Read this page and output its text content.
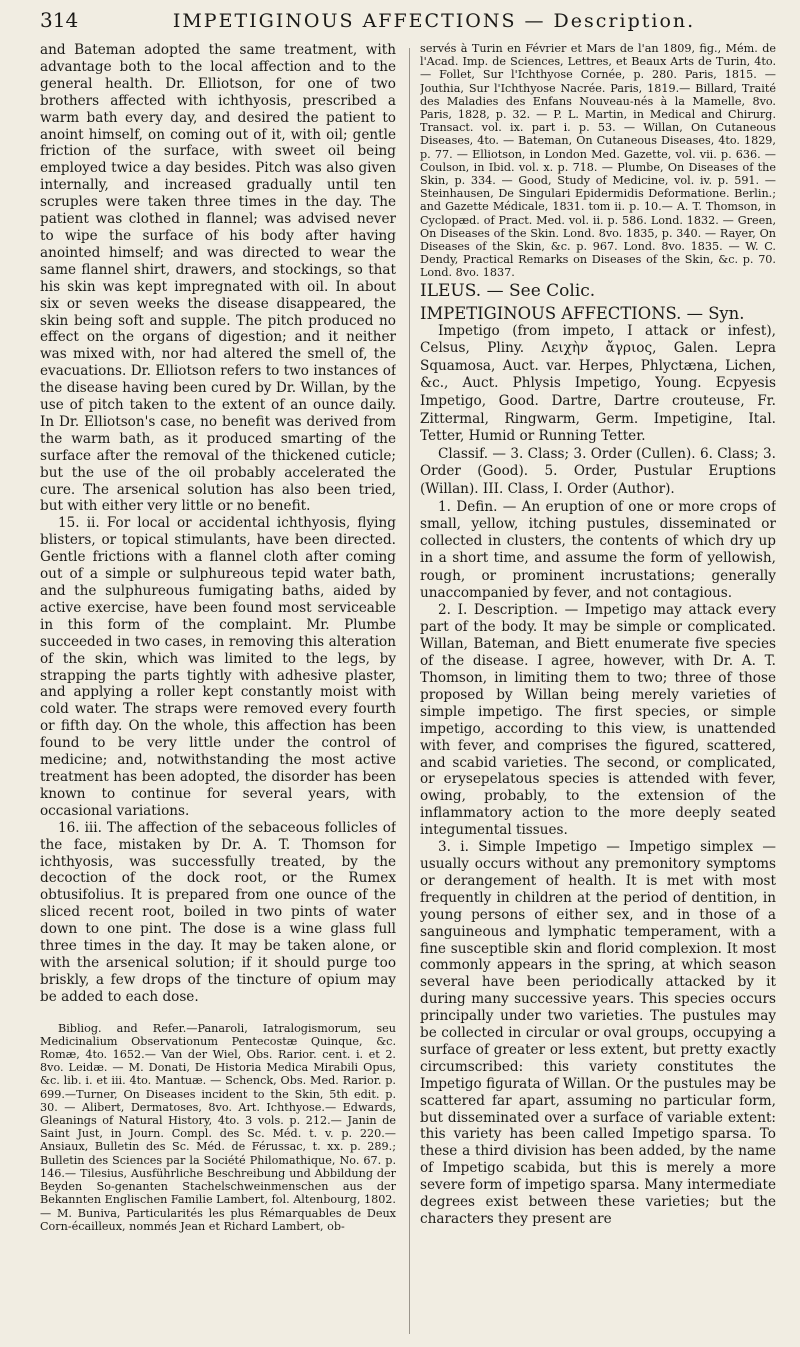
314	IMPETIGINOUS AFFECTIONS — Description.

and Bateman adopted the same treatment, with advantage both to the local affection and to the general health. Dr. Elliotson, for one of two brothers affected with ichthyosis, prescribed a warm bath every day, and desired the patient to anoint himself, on coming out of it, with oil; gentle friction of the surface, with sweet oil being employed twice a day besides. Pitch was also given internally, and increased gradually until ten scruples were taken three times in the day. The patient was clothed in flannel; was advised never to wipe the surface of his body after having anointed himself; and was directed to wear the same flannel shirt, drawers, and stockings, so that his skin was kept impregnated with oil. In about six or seven weeks the disease disappeared, the skin being soft and supple. The pitch produced no effect on the organs of digestion; and it neither was mixed with, nor had altered the smell of, the evacuations. Dr. Elliotson refers to two instances of the disease having been cured by Dr. Willan, by the use of pitch taken to the extent of an ounce daily. In Dr. Elliotson's case, no benefit was derived from the warm bath, as it produced smarting of the surface after the removal of the thickened cuticle; but the use of the oil probably accelerated the cure. The arsenical solution has also been tried, but with either very little or no benefit.

15. ii. For local or accidental ichthyosis, flying blisters, or topical stimulants, have been directed. Gentle frictions with a flannel cloth after coming out of a simple or sulphureous tepid water bath, and the sulphureous fumigating baths, aided by active exercise, have been found most serviceable in this form of the complaint. Mr. Plumbe succeeded in two cases, in removing this alteration of the skin, which was limited to the legs, by strapping the parts tightly with adhesive plaster, and applying a roller kept constantly moist with cold water. The straps were removed every fourth or fifth day. On the whole, this affection has been found to be very little under the control of medicine; and, notwithstanding the most active treatment has been adopted, the disorder has been known to continue for several years, with occasional variations.

16. iii. The affection of the sebaceous follicles of the face, mistaken by Dr. A. T. Thomson for ichthyosis, was successfully treated, by the decoction of the dock root, or the Rumex obtusifolius. It is prepared from one ounce of the sliced recent root, boiled in two pints of water down to one pint. The dose is a wine glass full three times in the day. It may be taken alone, or with the arsenical solution; if it should purge too briskly, a few drops of the tincture of opium may be added to each dose.

Bibliog. and Refer.—Panaroli, Iatralogismorum, seu Medicinalium Observationum Pentecostæ Quinque, &c. Romæ, 4to. 1652.— Van der Wiel, Obs. Rarior. cent. i. et 2. 8vo. Leidæ. — M. Donati, De Historia Medica Mirabili Opus, &c. lib. i. et iii. 4to. Mantuæ. — Schenck, Obs. Med. Rarior. p. 699.—Turner, On Diseases incident to the Skin, 5th edit. p. 30. — Alibert, Dermatoses, 8vo. Art. Ichthyose.— Edwards, Gleanings of Natural History, 4to. 3 vols. p. 212.— Janin de Saint Just, in Journ. Compl. des Sc. Méd. t. v. p. 220.— Ansiaux, Bulletin des Sc. Méd. de Férussac, t. xx. p. 289.; Bulletin des Sciences par la Société Philomathique, No. 67. p. 146.— Tilesius, Ausführliche Beschreibung und Abbildung der Beyden So-genanten Stachelschweinmenschen aus der Bekannten Englischen Familie Lambert, fol. Altenbourg, 1802.— M. Buniva, Particularités les plus Rémarquables de Deux Corn-écailleux, nommés Jean et Richard Lambert, ob-

servés à Turin en Février et Mars de l'an 1809, fig., Mém. de l'Acad. Imp. de Sciences, Lettres, et Beaux Arts de Turin, 4to. — Follet, Sur l'Ichthyose Cornée, p. 280. Paris, 1815. — Jouthia, Sur l'Ichthyose Nacrée. Paris, 1819.— Billard, Traité des Maladies des Enfans Nouveau-nés à la Mamelle, 8vo. Paris, 1828, p. 32. — P. L. Martin, in Medical and Chirurg. Transact. vol. ix. part i. p. 53. — Willan, On Cutaneous Diseases, 4to. — Bateman, On Cutaneous Diseases, 4to. 1829, p. 77. — Elliotson, in London Med. Gazette, vol. vii. p. 636. — Coulson, in Ibid. vol. x. p. 718. — Plumbe, On Diseases of the Skin, p. 334. — Good, Study of Medicine, vol. iv. p. 591. — Steinhausen, De Singulari Epidermidis Deformatione. Berlin.; and Gazette Médicale, 1831. tom ii. p. 10.— A. T. Thomson, in Cyclopæd. of Pract. Med. vol. ii. p. 586. Lond. 1832. — Green, On Diseases of the Skin. Lond. 8vo. 1835, p. 340. — Rayer, On Diseases of the Skin, &c. p. 967. Lond. 8vo. 1835. — W. C. Dendy, Practical Remarks on Diseases of the Skin, &c. p. 70. Lond. 8vo. 1837.

ILEUS. — See Colic.

IMPETIGINOUS AFFECTIONS. — Syn.

Impetigo (from impeto, I attack or infest), Celsus, Pliny. Λειχὴν ἄγριος, Galen. Lepra Squamosa, Auct. var. Herpes, Phlyctæna, Lichen, &c., Auct. Phlysis Impetigo, Young. Ecpyesis Impetigo, Good. Dartre, Dartre crouteuse, Fr. Zittermal, Ringwarm, Germ. Impetigine, Ital. Tetter, Humid or Running Tetter.

Classif. — 3. Class; 3. Order (Cullen). 6. Class; 3. Order (Good). 5. Order, Pustular Eruptions (Willan). III. Class, I. Order (Author).

1. Defin. — An eruption of one or more crops of small, yellow, itching pustules, disseminated or collected in clusters, the contents of which dry up in a short time, and assume the form of yellowish, rough, or prominent incrustations; generally unaccompanied by fever, and not contagious.

2. I. Description. — Impetigo may attack every part of the body. It may be simple or complicated. Willan, Bateman, and Biett enumerate five species of the disease. I agree, however, with Dr. A. T. Thomson, in limiting them to two; three of those proposed by Willan being merely varieties of simple impetigo. The first species, or simple impetigo, according to this view, is unattended with fever, and comprises the figured, scattered, and scabid varieties. The second, or complicated, or erysepelatous species is attended with fever, owing, probably, to the extension of the inflammatory action to the more deeply seated integumental tissues.

3. i. Simple Impetigo — Impetigo simplex — usually occurs without any premonitory symptoms or derangement of health. It is met with most frequently in children at the period of dentition, in young persons of either sex, and in those of a sanguineous and lymphatic temperament, with a fine susceptible skin and florid complexion. It most commonly appears in the spring, at which season several have been periodically attacked by it during many successive years. This species occurs principally under two varieties. The pustules may be collected in circular or oval groups, occupying a surface of greater or less extent, but pretty exactly circumscribed: this variety constitutes the Impetigo figurata of Willan. Or the pustules may be scattered far apart, assuming no particular form, but disseminated over a surface of variable extent: this variety has been called Impetigo sparsa. To these a third division has been added, by the name of Impetigo scabida, but this is merely a more severe form of impetigo sparsa. Many intermediate degrees exist between these varieties; but the characters they present are
